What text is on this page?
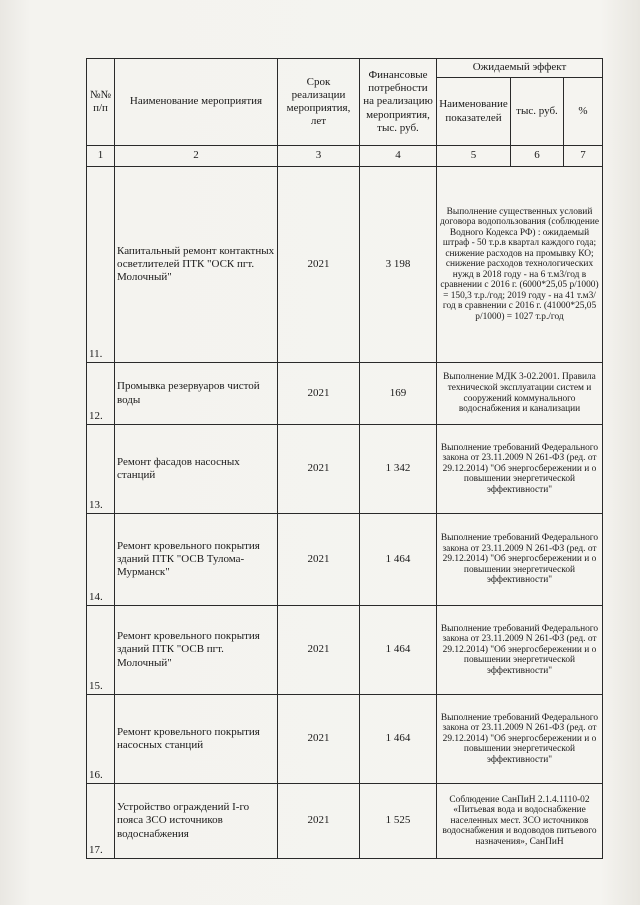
№№ п/п	Наименование мероприятия	Срок реализации мероприятия, лет	Финансовые потребности на реализацию мероприятия, тыс. руб.	Ожидаемый эффект		
				Наименование показателей	тыс. руб.	%
1	2	3	4	5	6	7
11.	Капитальный ремонт контактных осветлителей ПТК "ОСК пгт. Молочный"	2021	3 198	Выполнение существенных условий договора водопользования (соблюдение Водного Кодекса РФ) : ожидаемый штраф - 50 т.р.в квартал каждого года; снижение расходов на промывку КО; снижение расходов технологических нужд в 2018 году - на 6 т.м3/год в сравнении с 2016 г. (6000*25,05 р/1000) = 150,3 т.р./год; 2019 году - на 41 т.м3/год в сравнении с 2016 г. (41000*25,05 р/1000) = 1027 т.р./год		
12.	Промывка резервуаров чистой воды	2021	169	Выполнение МДК 3-02.2001. Правила технической эксплуатации систем и сооружений коммунального водоснабжения и канализации		
13.	Ремонт фасадов насосных станций	2021	1 342	Выполнение требований Федерального закона от 23.11.2009 N 261-ФЗ (ред. от 29.12.2014) "Об энергосбережении и о повышении энергетической эффективности"		
14.	Ремонт кровельного покрытия зданий ПТК "ОСВ Тулома-Мурманск"	2021	1 464	Выполнение требований Федерального закона от 23.11.2009 N 261-ФЗ (ред. от 29.12.2014) "Об энергосбережении и о повышении энергетической эффективности"		
15.	Ремонт кровельного покрытия зданий ПТК "ОСВ пгт. Молочный"	2021	1 464	Выполнение требований Федерального закона от 23.11.2009 N 261-ФЗ (ред. от 29.12.2014) "Об энергосбережении и о повышении энергетической эффективности"		
16.	Ремонт кровельного покрытия насосных станций	2021	1 464	Выполнение требований Федерального закона от 23.11.2009 N 261-ФЗ (ред. от 29.12.2014) "Об энергосбережении и о повышении энергетической эффективности"		
17.	Устройство ограждений I-го пояса ЗСО источников водоснабжения	2021	1 525	Соблюдение СанПиН 2.1.4.1110-02 «Питьевая вода и водоснабжение населенных мест. ЗСО источников водоснабжения и водоводов питьевого назначения», СанПиН		
